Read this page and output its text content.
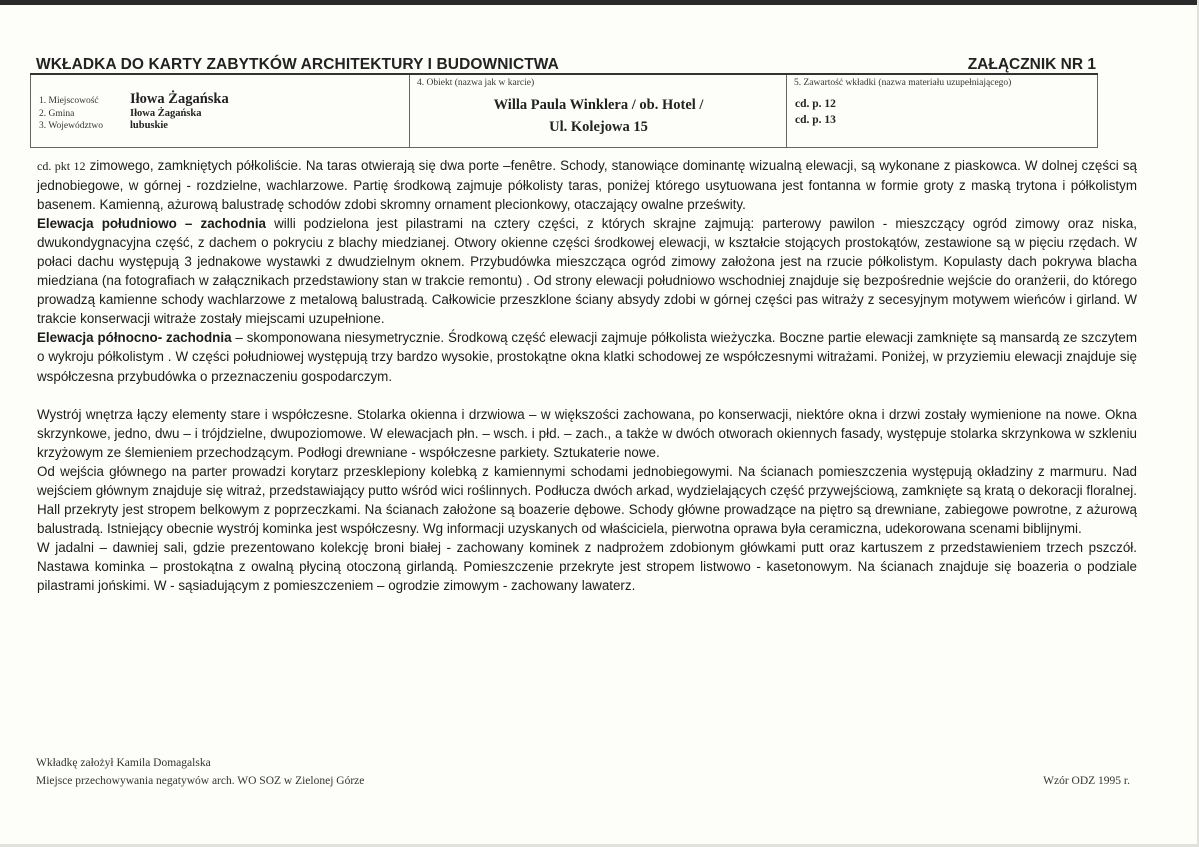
WKŁADKA DO KARTY ZABYTKÓW ARCHITEKTURY I BUDOWNICTWA	ZAŁĄCZNIK NR 1
1. Miejscowość	Iłowa Żagańska
2. Gmina	Iłowa Żagańska
3. Województwo	lubuskie
4. Obiekt (nazwa jak w karcie)
Willa Paula Winklera / ob. Hotel /
Ul. Kolejowa 15
5. Zawartość wkładki (nazwa materiału uzupełniającego)
cd. p. 12
cd. p. 13

cd. pkt 12 zimowego, zamkniętych półkoliście. Na taras otwierają się dwa porte –fenêtre. Schody, stanowiące dominantę wizualną elewacji, są wykonane z piaskowca. W dolnej części są jednobiegowe, w górnej - rozdzielne, wachlarzowe. Partię środkową zajmuje półkolisty taras, poniżej którego usytuowana jest fontanna w formie groty z maską trytona i półkolistym basenem. Kamienną, ażurową balustradę schodów zdobi skromny ornament plecionkowy, otaczający owalne prześwity.

Elewacja południowo – zachodnia willi podzielona jest pilastrami na cztery części, z których skrajne zajmują: parterowy pawilon - mieszczący ogród zimowy oraz niska, dwukondygnacyjna część, z dachem o pokryciu z blachy miedzianej. Otwory okienne części środkowej elewacji, w kształcie stojących prostokątów, zestawione są w pięciu rzędach. W połaci dachu występują 3 jednakowe wystawki z dwudzielnym oknem. Przybudówka mieszcząca ogród zimowy założona jest na rzucie półkolistym. Kopulasty dach pokrywa blacha miedziana (na fotografiach w załącznikach przedstawiony stan w trakcie remontu) . Od strony elewacji południowo wschodniej znajduje się bezpośrednie wejście do oranżerii, do którego prowadzą kamienne schody wachlarzowe z metalową balustradą. Całkowicie przeszklone ściany absydy zdobi w górnej części pas witraży z secesyjnym motywem wieńców i girland. W trakcie konserwacji witraże zostały miejscami uzupełnione.

Elewacja północno- zachodnia – skomponowana niesymetrycznie. Środkową część elewacji zajmuje półkolista wieżyczka. Boczne partie elewacji zamknięte są mansardą ze szczytem o wykroju półkolistym . W części południowej występują trzy bardzo wysokie, prostokątne okna klatki schodowej ze współczesnymi witrażami. Poniżej, w przyziemiu elewacji znajduje się współczesna przybudówka o przeznaczeniu gospodarczym.

Wystrój wnętrza łączy elementy stare i współczesne. Stolarka okienna i drzwiowa – w większości zachowana, po konserwacji, niektóre okna i drzwi zostały wymienione na nowe. Okna skrzynkowe, jedno, dwu – i trójdzielne, dwupoziomowe. W elewacjach płn. – wsch. i płd. – zach., a także w dwóch otworach okiennych fasady, występuje stolarka skrzynkowa w szkleniu krzyżowym ze ślemieniem przechodzącym. Podłogi drewniane - współczesne parkiety. Sztukaterie nowe.

Od wejścia głównego na parter prowadzi korytarz przesklepiony kolebką z kamiennymi schodami jednobiegowymi. Na ścianach pomieszczenia występują okładziny z marmuru. Nad wejściem głównym znajduje się witraż, przedstawiający putto wśród wici roślinnych. Podłucza dwóch arkad, wydzielających część przywejściową, zamknięte są kratą o dekoracji floralnej. Hall przekryty jest stropem belkowym z poprzeczkami. Na ścianach założone są boazerie dębowe. Schody główne prowadzące na piętro są drewniane, zabiegowe powrotne, z ażurową balustradą. Istniejący obecnie wystrój kominka jest współczesny. Wg informacji uzyskanych od właściciela, pierwotna oprawa była ceramiczna, udekorowana scenami biblijnymi.

W jadalni – dawniej sali, gdzie prezentowano kolekcję broni białej - zachowany kominek z nadprożem zdobionym główkami putt oraz kartuszem z przedstawieniem trzech pszczół. Nastawa kominka – prostokątna z owalną płyciną otoczoną girlandą. Pomieszczenie przekryte jest stropem listwowo - kasetonowym. Na ścianach znajduje się boazeria o podziale pilastrami jońskimi. W - sąsiadującym z pomieszczeniem – ogrodzie zimowym - zachowany lawaterz.

Wkładkę założył Kamila Domagalska
Miejsce przechowywania negatywów arch. WO SOZ w Zielonej Górze	Wzór ODZ 1995 r.
